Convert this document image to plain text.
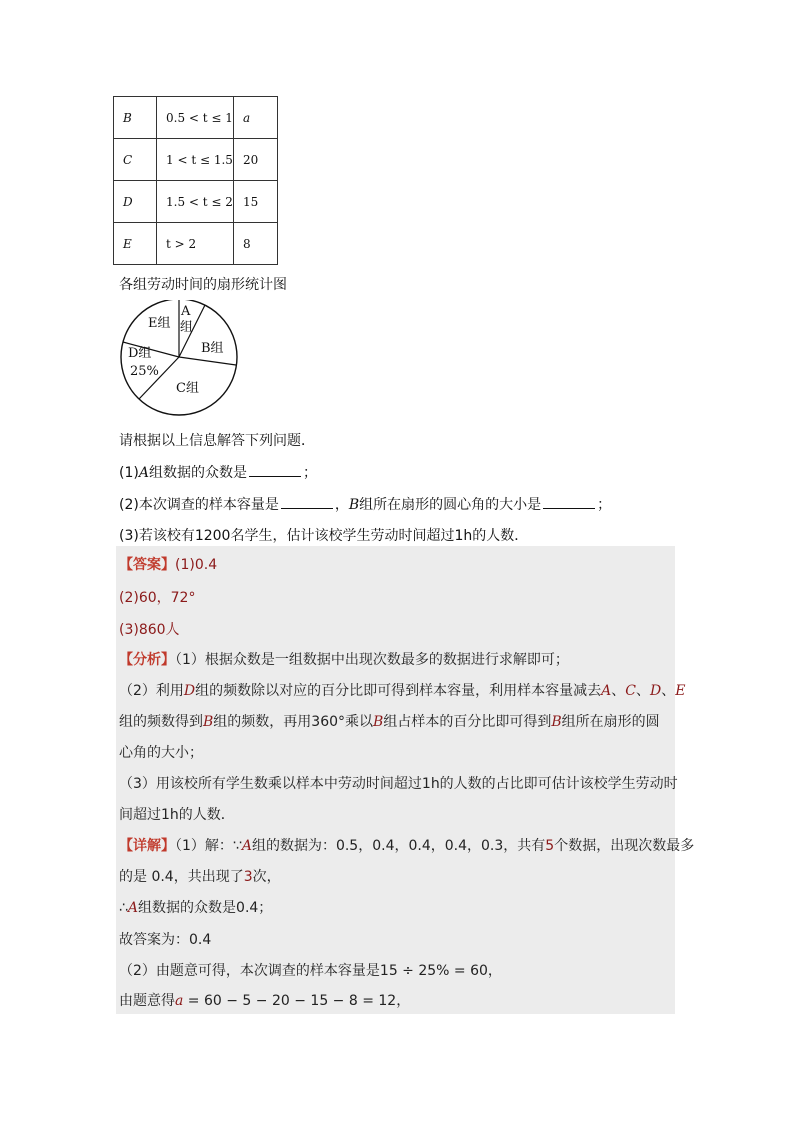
B	0.5 < t ≤ 1	a
C	1 < t ≤ 1.5	20
D	1.5 < t ≤ 2	15
E	t > 2	8
各组劳动时间的扇形统计图
A
组
B组
C组
D组
25%
E组
请根据以上信息解答下列问题．
(1)A组数据的众数是	；
(2)本次调查的样本容量是	，B组所在扇形的圆心角的大小是	；
(3)若该校有1200名学生，估计该校学生劳动时间超过1h的人数．
【答案】(1)0.4
(2)60，72°
(3)860人
【分析】（1）根据众数是一组数据中出现次数最多的数据进行求解即可；
（2）利用D组的频数除以对应的百分比即可得到样本容量，利用样本容量减去A、C、D、E
组的频数得到B组的频数，再用360°乘以B组占样本的百分比即可得到B组所在扇形的圆
心角的大小；
（3）用该校所有学生数乘以样本中劳动时间超过1h的人数的占比即可估计该校学生劳动时
间超过1h的人数．
【详解】（1）解：∵A组的数据为：0.5，0.4，0.4，0.4，0.3，共有5个数据，出现次数最多
的是 0.4，共出现了3次，
∴A组数据的众数是0.4；
故答案为：0.4
（2）由题意可得，本次调查的样本容量是15 ÷ 25% = 60，
由题意得a = 60 − 5 − 20 − 15 − 8 = 12，
